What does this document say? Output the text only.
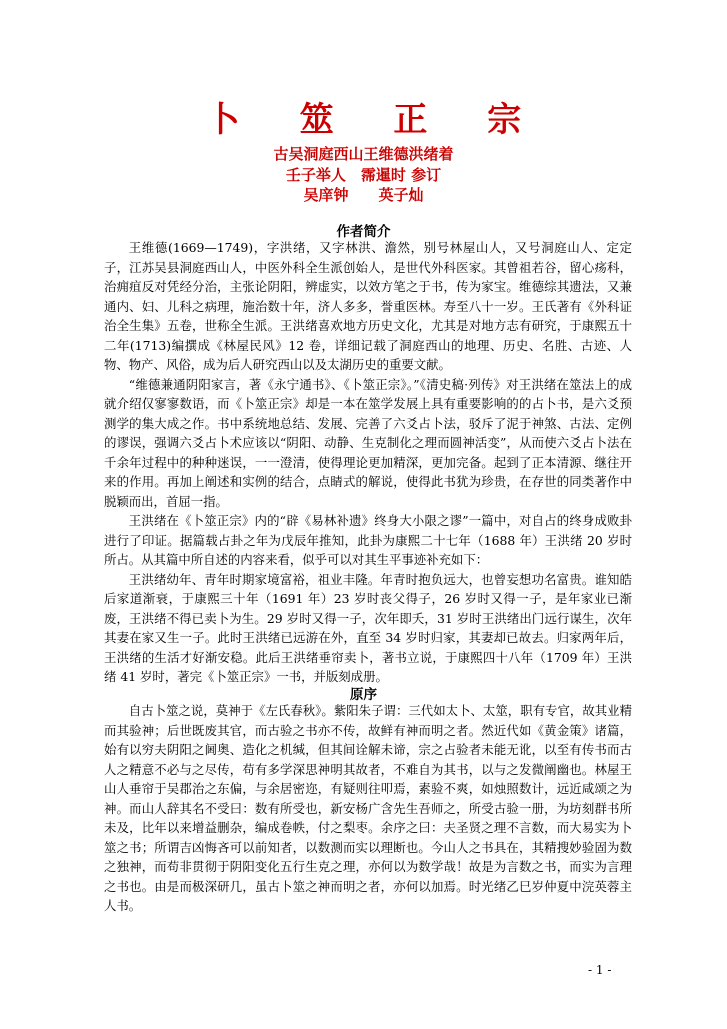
卜 筮 正 宗
古吴洞庭西山王维德洪绪着
壬子举人　霈暹时 参订
吴庠钟　　英子灿
作者简介

王维德(1669—1749)，字洪绪，又字林洪、澹然，别号林屋山人，又号洞庭山人、定定子，江苏吴县洞庭西山人，中医外科全生派创始人，是世代外科医家。其曾祖若谷，留心疡科，治痈疽反对凭经分治，主张论阴阳，辨虚实，以效方笔之于书，传为家宝。维德综其遗法，又兼通内、妇、儿科之病理，施治数十年，济人多多，誉重医林。寿至八十一岁。王氏著有《外科证治全生集》五卷，世称全生派。王洪绪喜欢地方历史文化，尤其是对地方志有研究，于康熙五十二年(1713)编撰成《林屋民风》12 卷，详细记载了洞庭西山的地理、历史、名胜、古迹、人物、物产、风俗，成为后人研究西山以及太湖历史的重要文献。

“维德兼通阴阳家言，著《永宁通书》、《卜筮正宗》。”《清史稿·列传》对王洪绪在筮法上的成就介绍仅寥寥数语，而《卜筮正宗》却是一本在筮学发展上具有重要影响的的占卜书，是六爻预测学的集大成之作。书中系统地总结、发展、完善了六爻占卜法，驳斥了泥于神煞、古法、定例的谬误，强调六爻占卜术应该以“阴阳、动静、生克制化之理而圆神活变”，从而使六爻占卜法在千余年过程中的种种迷误，一一澄清，使得理论更加精深，更加完备。起到了正本清源、继往开来的作用。再加上阐述和实例的结合，点睛式的解说，使得此书犹为珍贵，在存世的同类著作中脱颖而出，首屈一指。

王洪绪在《卜筮正宗》内的“辟《易林补遗》终身大小限之谬”一篇中，对自占的终身成败卦进行了印证。据篇载占卦之年为戊辰年推知，此卦为康熙二十七年（1688 年）王洪绪 20 岁时所占。从其篇中所自述的内容来看，似乎可以对其生平事迹补充如下：

王洪绪幼年、青年时期家境富裕，祖业丰隆。年青时抱负远大，也曾妄想功名富贵。谁知皓后家道渐衰，于康熙三十年（1691 年）23 岁时丧父得子，26 岁时又得一子，是年家业已渐废，王洪绪不得已卖卜为生。29 岁时又得一子，次年即夭，31 岁时王洪绪出门远行谋生，次年其妻在家又生一子。此时王洪绪已远游在外，直至 34 岁时归家，其妻却已故去。归家两年后，王洪绪的生活才好渐安稳。此后王洪绪垂帘卖卜，著书立说，于康熙四十八年（1709 年）王洪绪 41 岁时，著完《卜筮正宗》一书，并版刻成册。

原序

自古卜筮之说，莫神于《左氏春秋》。紫阳朱子谓：三代如太卜、太筮，职有专官，故其业精而其验神；后世既废其官，而古验之书亦不传，故鲜有神而明之者。然近代如《黄金策》诸篇，始有以穷夫阴阳之阃奥、造化之机缄，但其间诠解未谛，宗之占验者未能无讹，以至有传书而古人之精意不必与之尽传，苟有多学深思神明其故者，不难自为其书，以与之发微阐幽也。林屋王山人垂帘于吴郡治之东偏，与余居密迩，有疑则往叩焉，素验不爽，如烛照数计，远近咸颂之为神。而山人辞其名不受曰：数有所受也，新安杨广含先生吾师之，所受古验一册，为坊刻群书所未及，比年以来增益删杂，编成卷帙，付之梨枣。余序之曰：夫圣贤之理不言数，而大易实为卜筮之书；所谓吉凶悔吝可以前知者，以数测而实以理断也。今山人之书具在，其精搜妙验固为数之独神，而苟非贯彻于阴阳变化五行生克之理，亦何以为数学哉！故是为言数之书，而实为言理之书也。由是而极深研几，虽古卜筮之神而明之者，亦何以加焉。时光绪乙巳岁仲夏中浣英蓉主人书。

- 1 -
